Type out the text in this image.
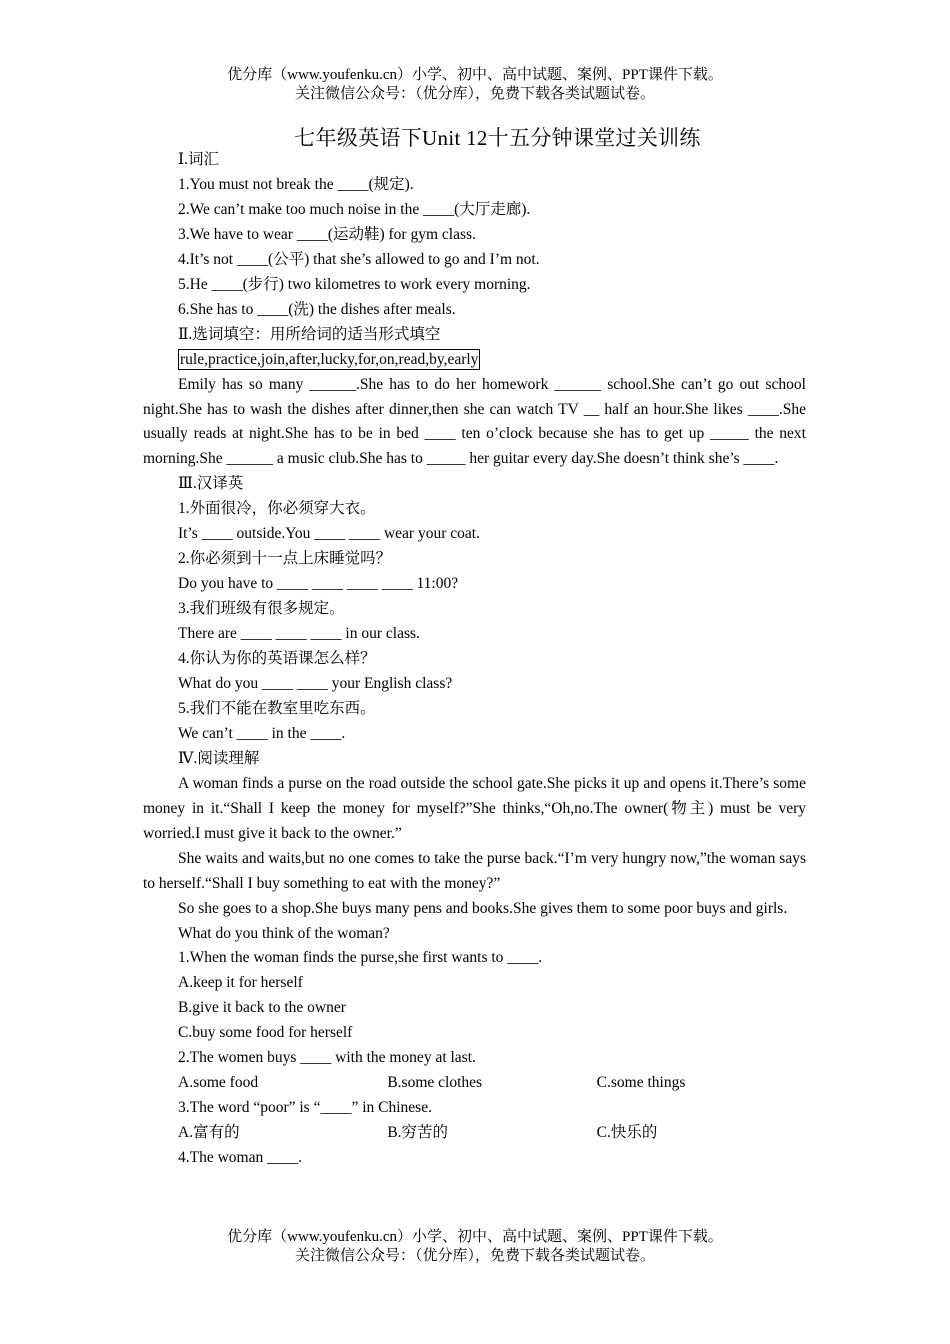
优分库（www.youfenku.cn）小学、初中、高中试题、案例、PPT课件下载。
关注微信公众号：（优分库），免费下载各类试题试卷。
七年级英语下Unit 12十五分钟课堂过关训练

Ⅰ.词汇

1.You must not break the ____(规定).

2.We can’t make too much noise in the ____(大厅走廊).

3.We have to wear ____(运动鞋) for gym class.

4.It’s not ____(公平) that she’s allowed to go and I’m not.

5.He ____(步行) two kilometres to work every morning.

6.She has to ____(洗) the dishes after meals.

Ⅱ.选词填空：用所给词的适当形式填空

rule,practice,join,after,lucky,for,on,read,by,early

Emily has so many ______.She has to do her homework ______ school.She can’t go out school night.She has to wash the dishes after dinner,then she can watch TV __ half an hour.She likes ____.She usually reads at night.She has to be in bed ____ ten o’clock because she has to get up _____ the next morning.She ______ a music club.She has to _____ her guitar every day.She doesn’t think she’s ____.

Ⅲ.汉译英

1.外面很冷，你必须穿大衣。

It’s ____ outside.You ____ ____ wear your coat.

2.你必须到十一点上床睡觉吗？

Do you have to ____ ____ ____ ____ 11:00?

3.我们班级有很多规定。

There are ____ ____ ____ in our class.

4.你认为你的英语课怎么样？

What do you ____ ____ your English class?

5.我们不能在教室里吃东西。

We can’t ____ in the ____.

Ⅳ.阅读理解

A woman finds a purse on the road outside the school gate.She picks it up and opens it.There’s some money in it.“Shall I keep the money for myself?”She thinks,“Oh,no.The owner(物主) must be very worried.I must give it back to the owner.”

She waits and waits,but no one comes to take the purse back.“I’m very hungry now,”the woman says to herself.“Shall I buy something to eat with the money?”

So she goes to a shop.She buys many pens and books.She gives them to some poor buys and girls.

What do you think of the woman?

1.When the woman finds the purse,she first wants to ____.

A.keep it for herself

B.give it back to the owner

C.buy some food for herself

2.The women buys ____ with the money at last.

A.some food	B.some clothes	C.some things

3.The word “poor” is “____” in Chinese.

A.富有的	B.穷苦的	C.快乐的

4.The woman ____.

优分库（www.youfenku.cn）小学、初中、高中试题、案例、PPT课件下载。
关注微信公众号：（优分库），免费下载各类试题试卷。
